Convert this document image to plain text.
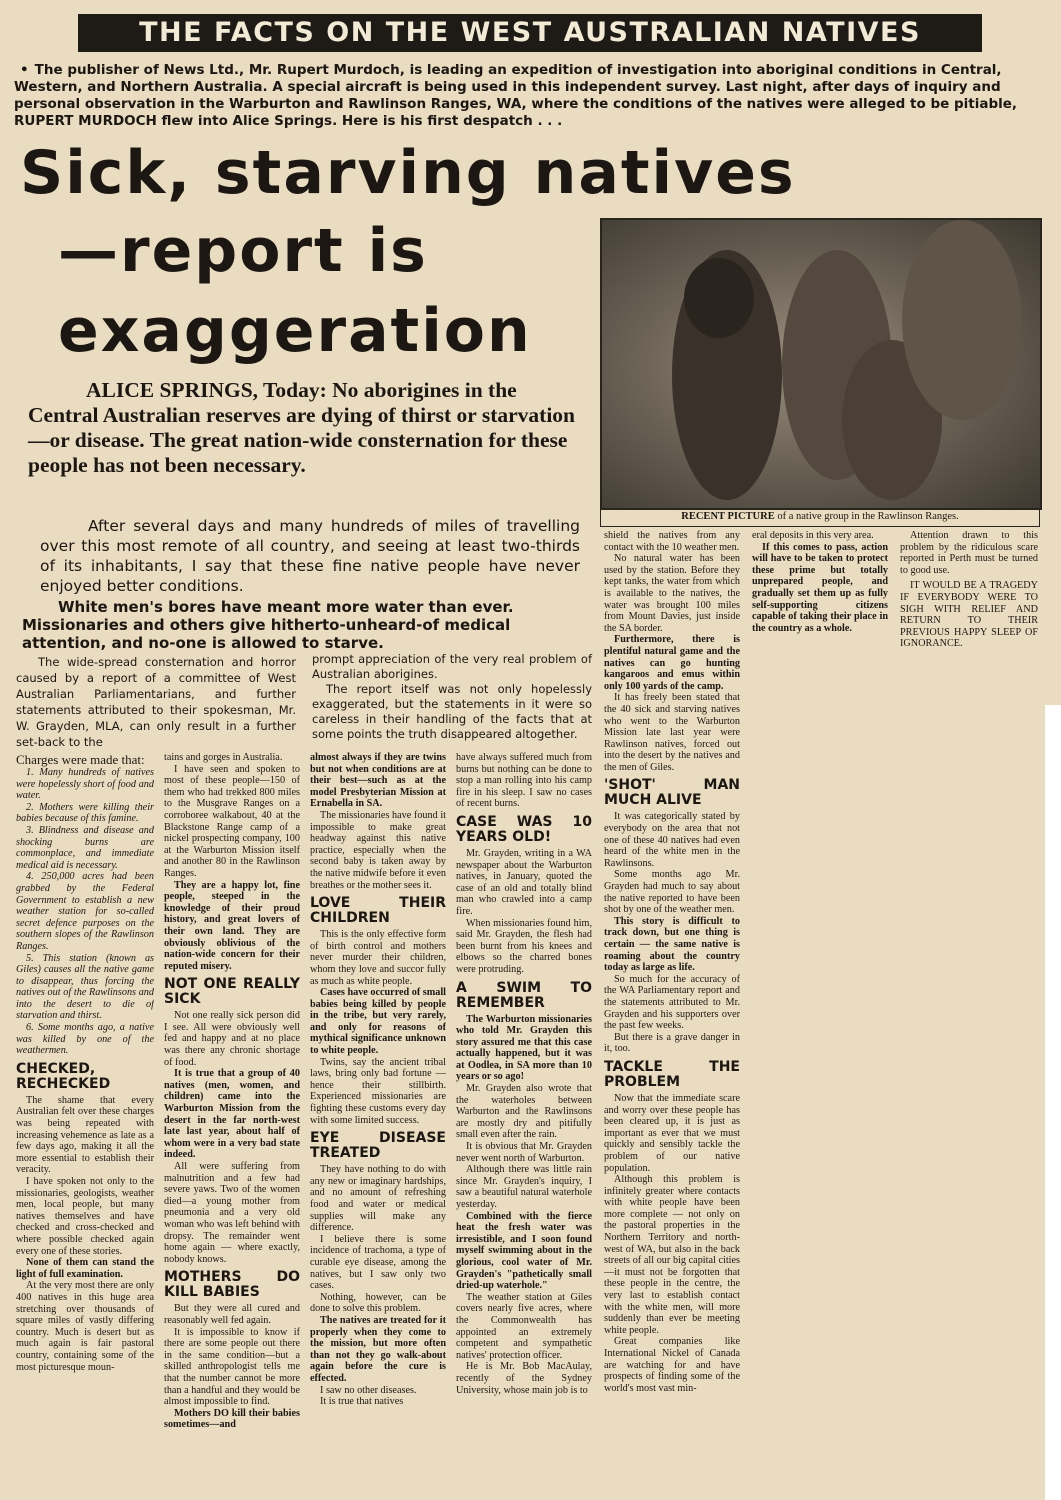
THE FACTS ON THE WEST AUSTRALIAN NATIVES
• The publisher of News Ltd., Mr. Rupert Murdoch, is leading an expedition of investigation into aboriginal conditions in Central, Western, and Northern Australia. A special aircraft is being used in this independent survey. Last night, after days of inquiry and personal observation in the Warburton and Rawlinson Ranges, WA, where the conditions of the natives were alleged to be pitiable, RUPERT MURDOCH flew into Alice Springs. Here is his first despatch . . .
Sick, starving natives
—report is
exaggeration
RECENT PICTURE of a native group in the Rawlinson Ranges.
ALICE SPRINGS, Today: No aborigines in the Central Australian reserves are dying of thirst or starvation—or disease. The great nation-wide consternation for these people has not been necessary.
After several days and many hundreds of miles of travelling over this most remote of all country, and seeing at least two-thirds of its inhabitants, I say that these fine native people have never enjoyed better conditions.
White men's bores have meant more water than ever. Missionaries and others give hitherto-unheard-of medical attention, and no-one is allowed to starve.
The wide-spread consternation and horror caused by a report of a committee of West Australian Parliamentarians, and further statements attributed to their spokesman, Mr. W. Grayden, MLA, can only result in a further set-back to the

prompt appreciation of the very real problem of Australian aborigines.

The report itself was not only hopelessly exaggerated, but the statements in it were so careless in their handling of the facts that at some points the truth disappeared altogether.

Charges were made that:

1. Many hundreds of natives were hopelessly short of food and water.

2. Mothers were killing their babies because of this famine.

3. Blindness and disease and shocking burns are commonplace, and immediate medical aid is necessary.

4. 250,000 acres had been grabbed by the Federal Government to establish a new weather station for so-called secret defence purposes on the southern slopes of the Rawlinson Ranges.

5. This station (known as Giles) causes all the native game to disappear, thus forcing the natives out of the Rawlinsons and into the desert to die of starvation and thirst.

6. Some months ago, a native was killed by one of the weathermen.

CHECKED, RECHECKED

The shame that every Australian felt over these charges was being repeated with increasing vehemence as late as a few days ago, making it all the more essential to establish their veracity.

I have spoken not only to the missionaries, geologists, weather men, local people, but many natives themselves and have checked and cross-checked and where possible checked again every one of these stories.

None of them can stand the light of full examination.

At the very most there are only 400 natives in this huge area stretching over thousands of square miles of vastly differing country. Much is desert but as much again is fair pastoral country, containing some of the most picturesque moun-

tains and gorges in Australia.

I have seen and spoken to most of these people—150 of them who had trekked 800 miles to the Musgrave Ranges on a corroboree walkabout, 40 at the Blackstone Range camp of a nickel prospecting company, 100 at the Warburton Mission itself and another 80 in the Rawlinson Ranges.

They are a happy lot, fine people, steeped in the knowledge of their proud history, and great lovers of their own land. They are obviously oblivious of the nation-wide concern for their reputed misery.

NOT ONE REALLY SICK

Not one really sick person did I see. All were obviously well fed and happy and at no place was there any chronic shortage of food.

It is true that a group of 40 natives (men, women, and children) came into the Warburton Mission from the desert in the far north-west late last year, about half of whom were in a very bad state indeed.

All were suffering from malnutrition and a few had severe yaws. Two of the women died—a young mother from pneumonia and a very old woman who was left behind with dropsy. The remainder went home again — where exactly, nobody knows.

MOTHERS DO KILL BABIES

But they were all cured and reasonably well fed again.

It is impossible to know if there are some people out there in the same condition—but a skilled anthropologist tells me that the number cannot be more than a handful and they would be almost impossible to find.

Mothers DO kill their babies sometimes—and

almost always if they are twins but not when conditions are at their best—such as at the model Presbyterian Mission at Ernabella in SA.

The missionaries have found it impossible to make great headway against this native practice, especially when the second baby is taken away by the native midwife before it even breathes or the mother sees it.

LOVE THEIR CHILDREN

This is the only effective form of birth control and mothers never murder their children, whom they love and succor fully as much as white people.

Cases have occurred of small babies being killed by people in the tribe, but very rarely, and only for reasons of mythical significance unknown to white people.

Twins, say the ancient tribal laws, bring only bad fortune — hence their stillbirth. Experienced missionaries are fighting these customs every day with some limited success.

EYE DISEASE TREATED

They have nothing to do with any new or imaginary hardships, and no amount of refreshing food and water or medical supplies will make any difference.

I believe there is some incidence of trachoma, a type of curable eye disease, among the natives, but I saw only two cases.

Nothing, however, can be done to solve this problem.

The natives are treated for it properly when they come to the mission, but more often than not they go walk-about again before the cure is effected.

I saw no other diseases.

It is true that natives

have always suffered much from burns but nothing can be done to stop a man rolling into his camp fire in his sleep. I saw no cases of recent burns.

CASE WAS 10 YEARS OLD!

Mr. Grayden, writing in a WA newspaper about the Warburton natives, in January, quoted the case of an old and totally blind man who crawled into a camp fire.

When missionaries found him, said Mr. Grayden, the flesh had been burnt from his knees and elbows so the charred bones were protruding.

A SWIM TO REMEMBER

The Warburton missionaries who told Mr. Grayden this story assured me that this case actually happened, but it was at Oodlea, in SA more than 10 years or so ago!

Mr. Grayden also wrote that the waterholes between Warburton and the Rawlinsons are mostly dry and pitifully small even after the rain.

It is obvious that Mr. Grayden never went north of Warburton.

Although there was little rain since Mr. Grayden's inquiry, I saw a beautiful natural waterhole yesterday.

Combined with the fierce heat the fresh water was irresistible, and I soon found myself swimming about in the glorious, cool water of Mr. Grayden's "pathetically small dried-up waterhole."

The weather station at Giles covers nearly five acres, where the Commonwealth has appointed an extremely competent and sympathetic natives' protection officer.

He is Mr. Bob MacAulay, recently of the Sydney University, whose main job is to

shield the natives from any contact with the 10 weather men.

No natural water has been used by the station. Before they kept tanks, the water from which is available to the natives, the water was brought 100 miles from Mount Davies, just inside the SA border.

Furthermore, there is plentiful natural game and the natives can go hunting kangaroos and emus within only 100 yards of the camp.

It has freely been stated that the 40 sick and starving natives who went to the Warburton Mission late last year were Rawlinson natives, forced out into the desert by the natives and the men of Giles.

'SHOT' MAN MUCH ALIVE

It was categorically stated by everybody on the area that not one of these 40 natives had even heard of the white men in the Rawlinsons.

Some months ago Mr. Grayden had much to say about the native reported to have been shot by one of the weather men.

This story is difficult to track down, but one thing is certain — the same native is roaming about the country today as large as life.

So much for the accuracy of the WA Parliamentary report and the statements attributed to Mr. Grayden and his supporters over the past few weeks.

But there is a grave danger in it, too.

TACKLE THE PROBLEM

Now that the immediate scare and worry over these people has been cleared up, it is just as important as ever that we must quickly and sensibly tackle the problem of our native population.

Although this problem is infinitely greater where contacts with white people have been more complete — not only on the pastoral properties in the Northern Territory and north-west of WA, but also in the back streets of all our big capital cities—it must not be forgotten that these people in the centre, the very last to establish contact with the white men, will more suddenly than ever be meeting white people.

Great companies like International Nickel of Canada are watching for and have prospects of finding some of the world's most vast min-

eral deposits in this very area.

If this comes to pass, action will have to be taken to protect these prime but totally unprepared people, and gradually set them up as fully self-supporting citizens capable of taking their place in the country as a whole.

Attention drawn to this problem by the ridiculous scare reported in Perth must be turned to good use.

IT WOULD BE A TRAGEDY IF EVERYBODY WERE TO SIGH WITH RELIEF AND RETURN TO THEIR PREVIOUS HAPPY SLEEP OF IGNORANCE.
